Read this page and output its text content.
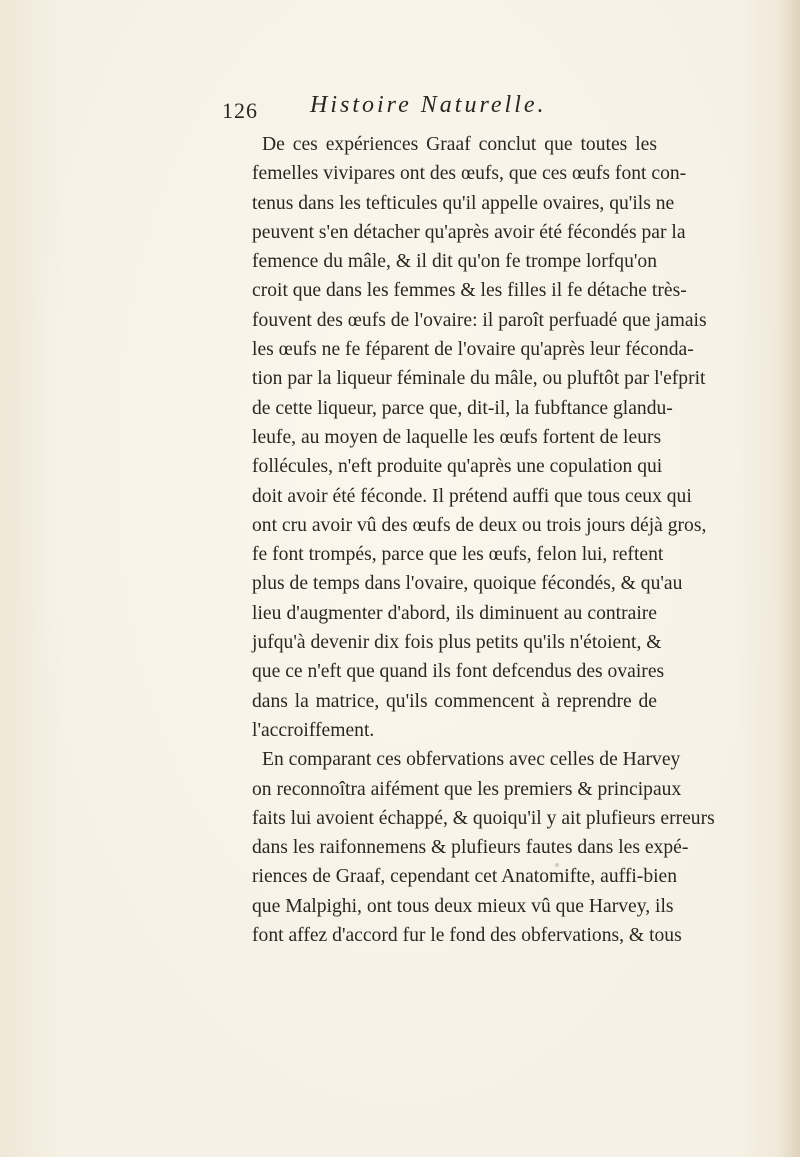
126 Histoire Naturelle.
De ces expériences Graaf conclut que toutes les
femelles vivipares ont des œufs, que ces œufs font con-
tenus dans les tefticules qu'il appelle ovaires, qu'ils ne
peuvent s'en détacher qu'après avoir été fécondés par la
femence du mâle, & il dit qu'on fe trompe lorfqu'on
croit que dans les femmes & les filles il fe détache très-
fouvent des œufs de l'ovaire: il paroît perfuadé que jamais
les œufs ne fe féparent de l'ovaire qu'après leur féconda-
tion par la liqueur féminale du mâle, ou pluftôt par l'efprit
de cette liqueur, parce que, dit-il, la fubftance glandu-
leufe, au moyen de laquelle les œufs fortent de leurs
follécules, n'eft produite qu'après une copulation qui
doit avoir été féconde. Il prétend auffi que tous ceux qui
ont cru avoir vû des œufs de deux ou trois jours déjà gros,
fe font trompés, parce que les œufs, felon lui, reftent
plus de temps dans l'ovaire, quoique fécondés, & qu'au
lieu d'augmenter d'abord, ils diminuent au contraire
jufqu'à devenir dix fois plus petits qu'ils n'étoient, &
que ce n'eft que quand ils font defcendus des ovaires
dans la matrice, qu'ils commencent à reprendre de
l'accroiffement.
En comparant ces obfervations avec celles de Harvey
on reconnoîtra aifément que les premiers & principaux
faits lui avoient échappé, & quoiqu'il y ait plufieurs erreurs
dans les raifonnemens & plufieurs fautes dans les expé-
riences de Graaf, cependant cet Anatomifte, auffi-bien
que Malpighi, ont tous deux mieux vû que Harvey, ils
font affez d'accord fur le fond des obfervations, & tous
